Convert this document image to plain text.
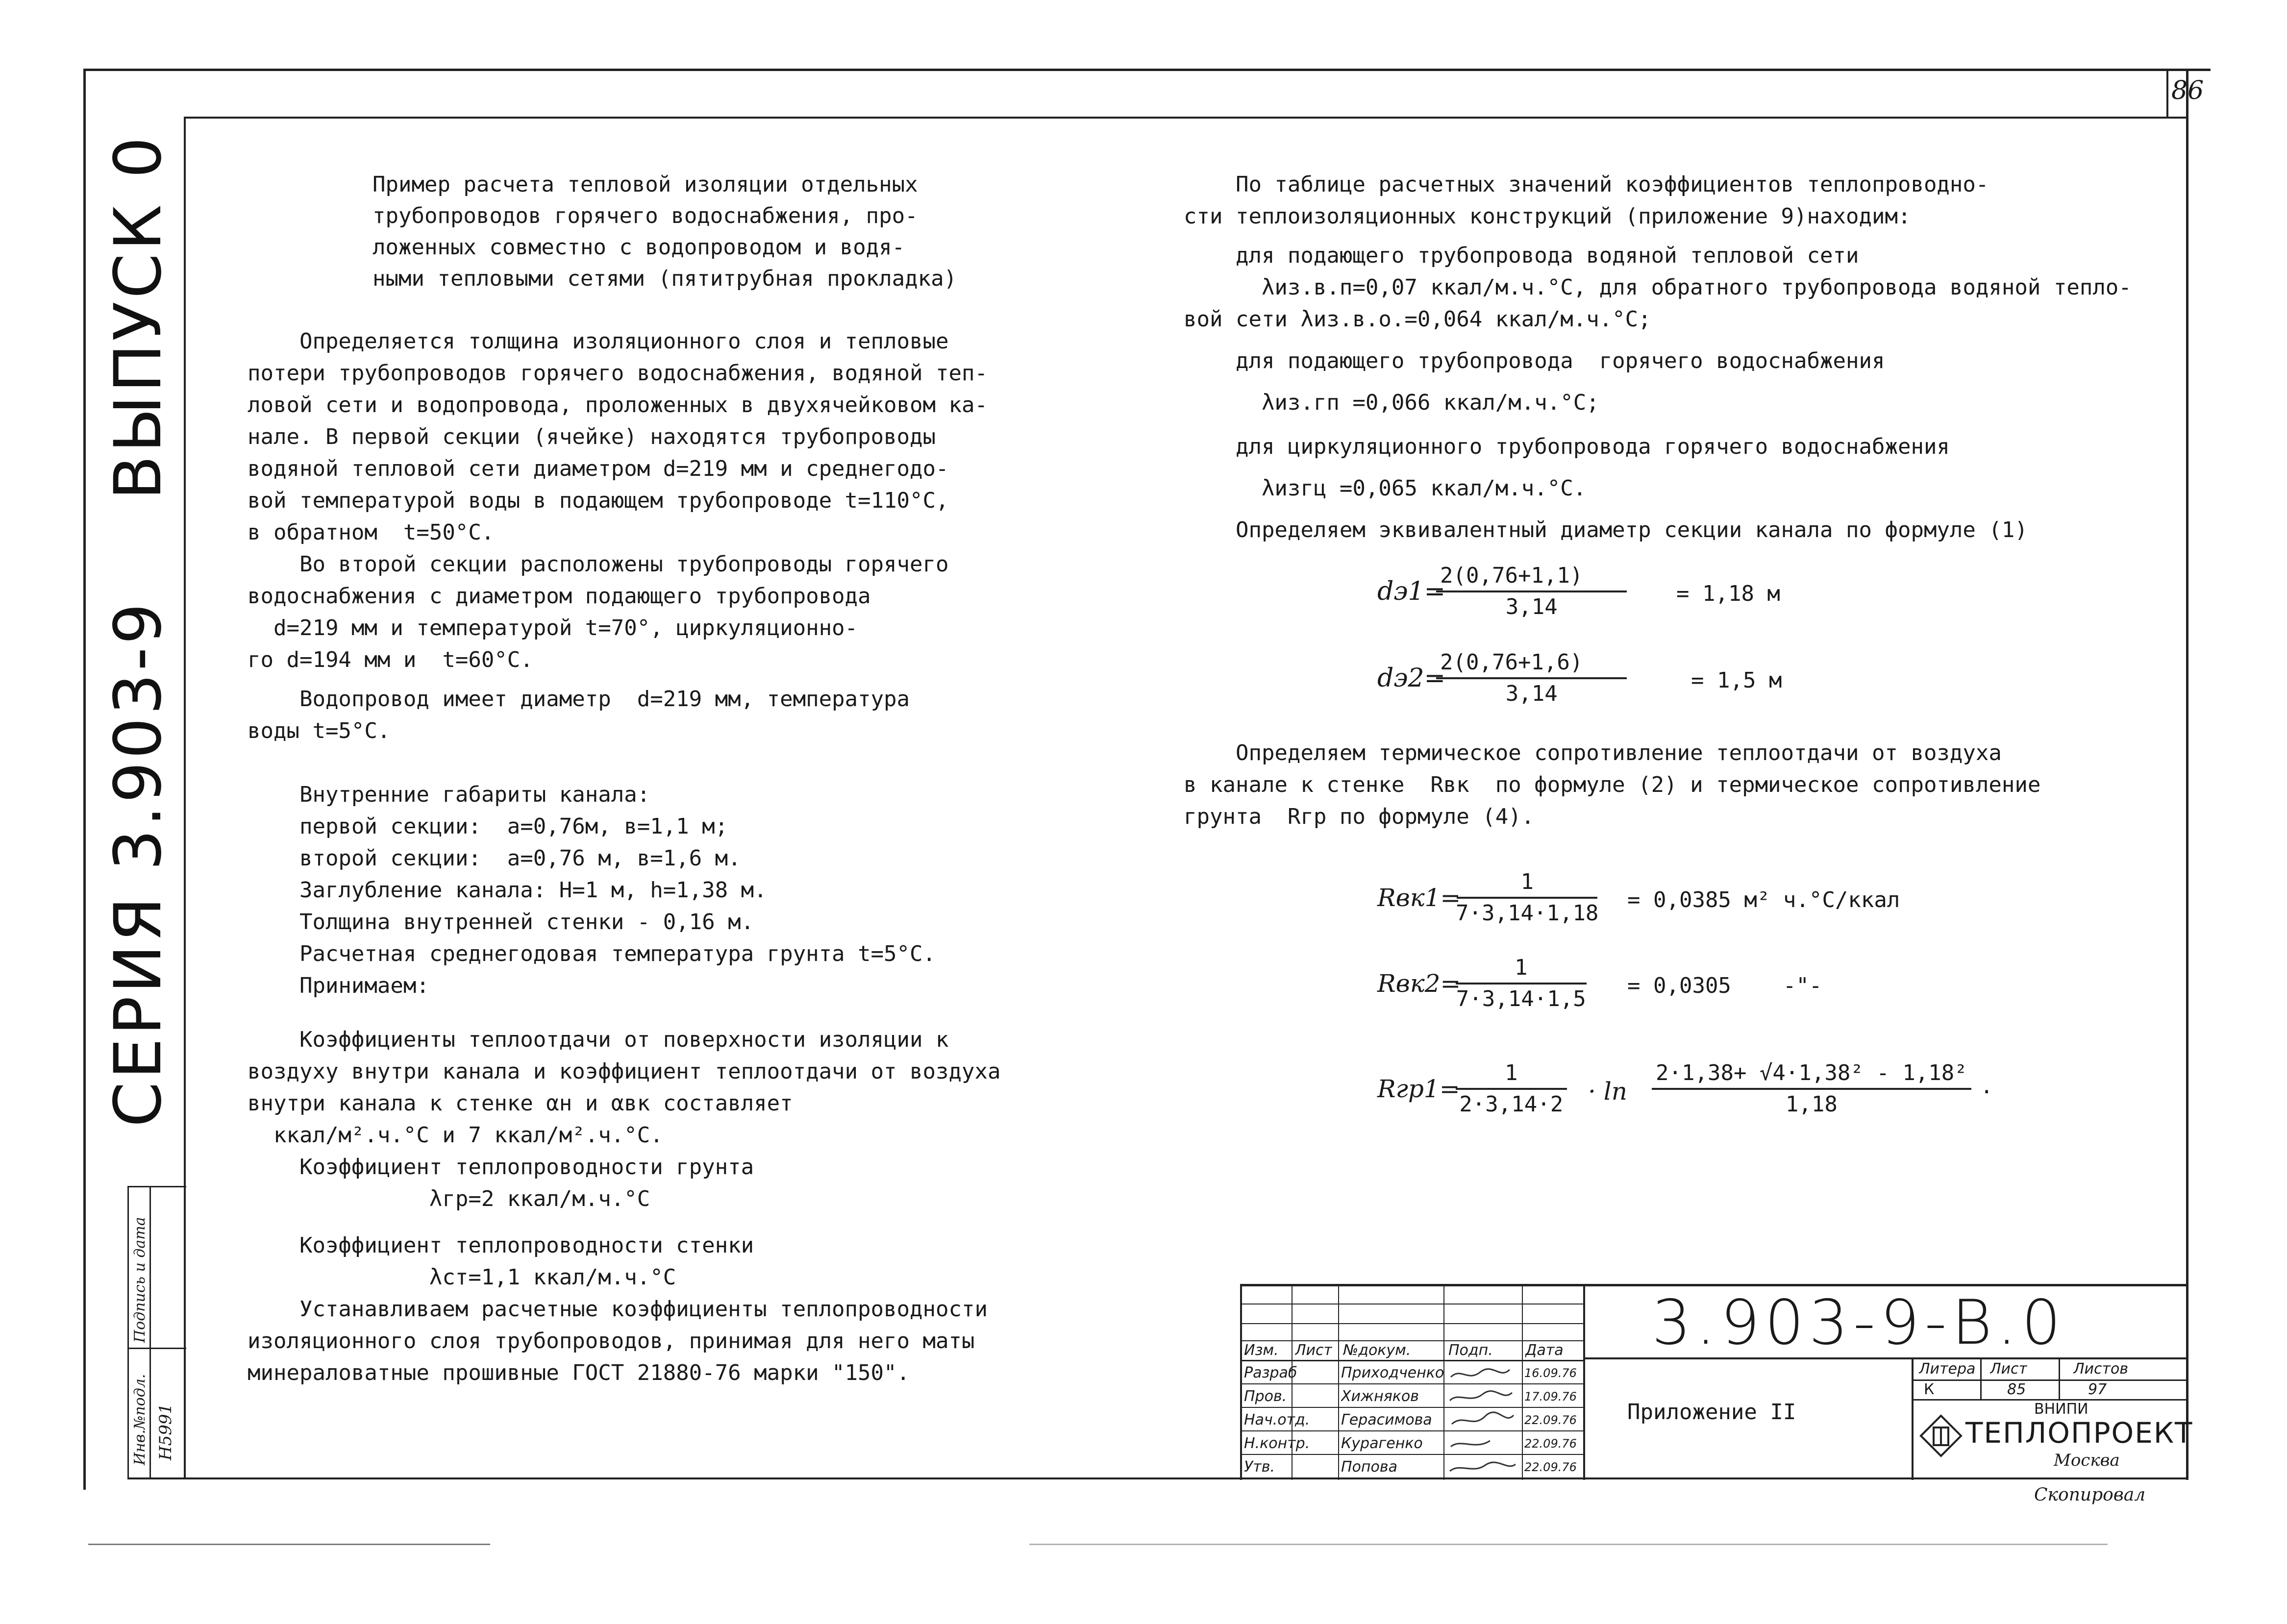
86
СЕРИЯ 3.903-9
ВЫПУСК 0
Подпись и дата
Инв.№подл. H5991
Пример расчета тепловой изоляции отдельных
трубопроводов горячего водоснабжения, про-
ложенных совместно с водопроводом и водя-
ными тепловыми сетями (пятитрубная прокладка)
Определяется толщина изоляционного слоя и тепловые
потери трубопроводов горячего водоснабжения, водяной теп-
ловой сети и водопровода, проложенных в двухячейковом ка-
нале. В первой секции (ячейке) находятся трубопроводы
водяной тепловой сети диаметром d=219 мм и среднегодо-
вой температурой воды в подающем трубопроводе t=110°C,
в обратном  t=50°C.
Во второй секции расположены трубопроводы горячего
водоснабжения с диаметром подающего трубопровода
d=219 мм и температурой t=70°, циркуляционно-
го d=194 мм и  t=60°C.
Водопровод имеет диаметр  d=219 мм, температура
воды t=5°C.
Внутренние габариты канала:
первой секции:  а=0,76м, в=1,1 м;
второй секции:  а=0,76 м, в=1,6 м.
Заглубление канала: Н=1 м, h=1,38 м.
Толщина внутренней стенки - 0,16 м.
Расчетная среднегодовая температура грунта t=5°C.
Принимаем:
Коэффициенты теплоотдачи от поверхности изоляции к
воздуху внутри канала и коэффициент теплоотдачи от воздуха
внутри канала к стенке αн и αвк составляет
ккал/м².ч.°С и 7 ккал/м².ч.°С.
Коэффициент теплопроводности грунта
λгр=2 ккал/м.ч.°С
Коэффициент теплопроводности стенки
λст=1,1 ккал/м.ч.°С
Устанавливаем расчетные коэффициенты теплопроводности
изоляционного слоя трубопроводов, принимая для него маты
минераловатные прошивные ГОСТ 21880-76 марки "150".
По таблице расчетных значений коэффициентов теплопроводно-
сти теплоизоляционных конструкций (приложение 9)находим:
для подающего трубопровода водяной тепловой сети
λиз.в.п=0,07 ккал/м.ч.°С, для обратного трубопровода водяной тепло-
вой сети λиз.в.о.=0,064 ккал/м.ч.°С;
для подающего трубопровода  горячего водоснабжения
λиз.гп =0,066 ккал/м.ч.°С;
для циркуляционного трубопровода горячего водоснабжения
λизгц =0,065 ккал/м.ч.°С.
Определяем эквивалентный диаметр секции канала по формуле (1)
dэ1=
$\frac{2(0,76+1,1)}{3,14} = 1,18$ м
dэ2=
$\frac{2(0,76+1,6)}{3,14}$	= 1,5 м
Определяем термическое сопротивление теплоотдачи от воздуха
в канале к стенке  Rвк  по формуле (2) и термическое сопротивление
грунта  Rгр по формуле (4).
Rвк1=
$\frac{1}{7\cdot 3,14\cdot 1,18} = 0,0385$ м² ч.°С/ккал
Rвк2=
$\frac{1}{7\cdot 3,14\cdot 1,5} = 0,0305$    -"-
Rгр1=
$\frac{1}{2\cdot 3,14\cdot 2} \cdot \ln \frac{\text{2·1,38+ √4·1,38² - 1,18²}}{1,18}$ .
Изм. Лист №докум.	Подп. Дата
Разраб	Приходченко	16.09.76
Пров.	Хижняков	17.09.76
Нач.отд. Герасимова	22.09.76
Н.контр. Курагенко	22.09.76
Утв.	Попова	22.09.76
3.903-9-В.0
Приложение II
Литера Лист	Листов
К	85	97
ВНИПИ
ТЕПЛОПРОЕКТ
Москва
Скопировал
